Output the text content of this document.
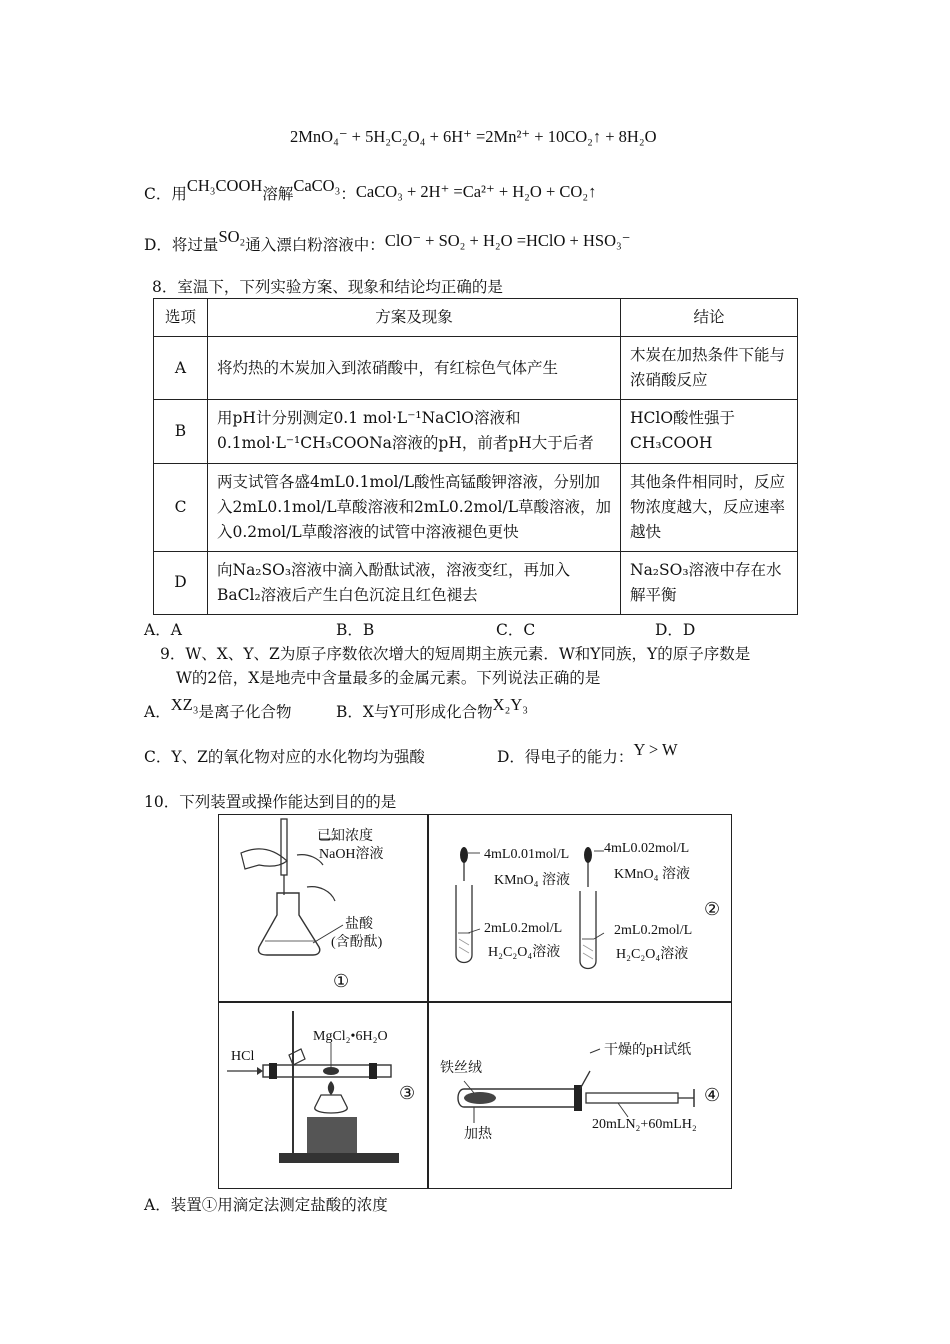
2MnO₄⁻ + 5H₂C₂O₄ + 6H⁺ =2Mn²⁺ + 10CO₂↑ + 8H₂O
C．用CH₃COOH溶解CaCO₃：CaCO₃ + 2H⁺ =Ca²⁺ + H₂O + CO₂↑
D．将过量SO₂通入漂白粉溶液中：ClO⁻ + SO₂ + H₂O =HClO + HSO₃⁻
8．室温下，下列实验方案、现象和结论均正确的是
选项	方案及现象	结论
A	将灼热的木炭加入到浓硝酸中，有红棕色气体产生	木炭在加热条件下能与浓硝酸反应
B	用pH计分别测定0.1 mol·L⁻¹NaClO溶液和0.1mol·L⁻¹CH₃COONa溶液的pH，前者pH大于后者	HClO酸性强于CH₃COOH
C	两支试管各盛4mL0.1mol/L酸性高锰酸钾溶液，分别加入2mL0.1mol/L草酸溶液和2mL0.2mol/L草酸溶液，加入0.2mol/L草酸溶液的试管中溶液褪色更快	其他条件相同时，反应物浓度越大，反应速率越快
D	向Na₂SO₃溶液中滴入酚酞试液，溶液变红，再加入BaCl₂溶液后产生白色沉淀且红色褪去	Na₂SO₃溶液中存在水解平衡
A．A	B．B	C．C	D．D
9．W、X、Y、Z为原子序数依次增大的短周期主族元素．W和Y同族，Y的原子序数是
W的2倍，X是地壳中含量最多的金属元素。下列说法正确的是
A．XZ₃是离子化合物	B．X与Y可形成化合物X₂Y₃
C．Y、Z的氧化物对应的水化物均为强酸	D．得电子的能力：Y > W
10．下列装置或操作能达到目的的是
已知浓度
NaOH溶液
盐酸
(含酚酞)
①
4mL0.01mol/L
KMnO₄ 溶液
4mL0.02mol/L
KMnO₄ 溶液
2mL0.2mol/L
H₂C₂O₄溶液
2mL0.2mol/L
H₂C₂O₄溶液
②
HCl
MgCl₂•6H₂O
③
铁丝绒
干燥的pH试纸
加热
20mLN₂+60mLH₂
④
A．装置①用滴定法测定盐酸的浓度
